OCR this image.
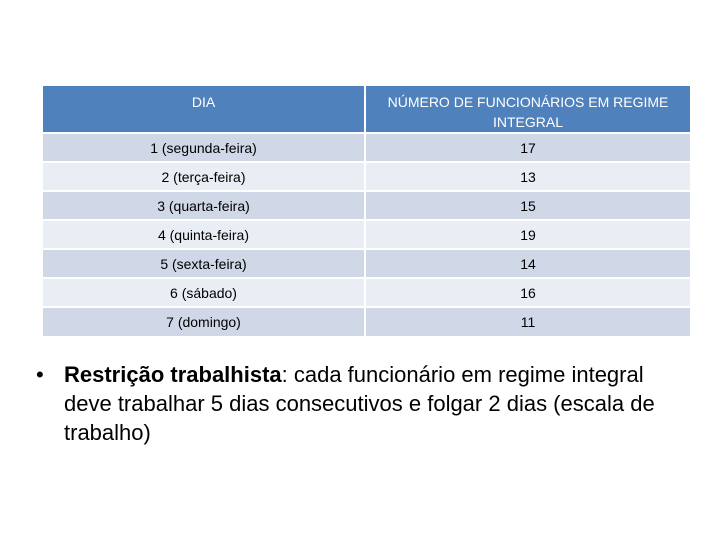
DIA	NÚMERO DE FUNCIONÁRIOS EM REGIME INTEGRAL
1 (segunda-feira)	17
2 (terça-feira)	13
3 (quarta-feira)	15
4 (quinta-feira)	19
5 (sexta-feira)	14
6 (sábado)	16
7 (domingo)	11
• Restrição trabalhista: cada funcionário em regime integral deve trabalhar 5 dias consecutivos e folgar 2 dias (escala de trabalho)
